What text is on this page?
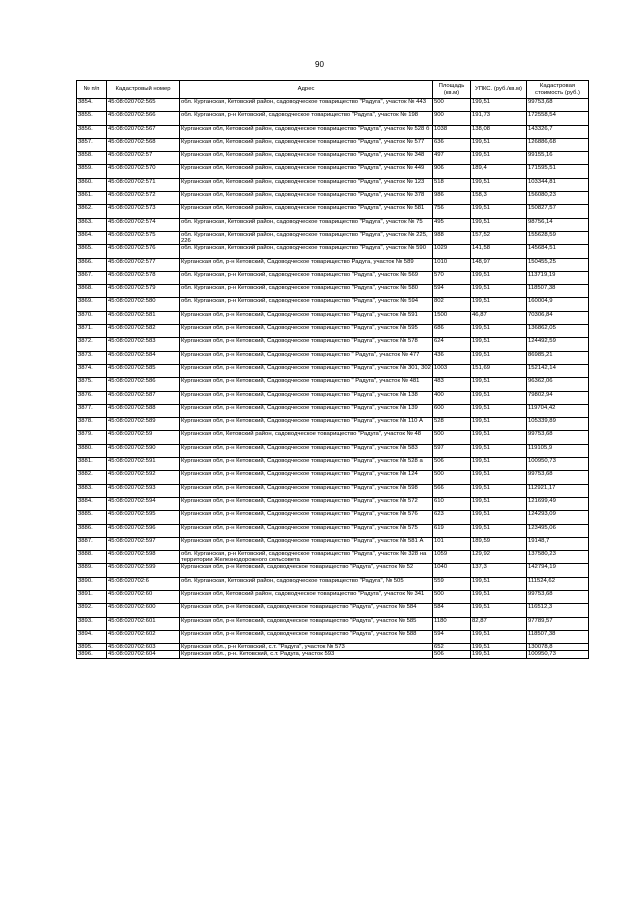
90
№ п/п	Кадастровый номер	Адрес	Площадь (кв.м)	УПКС. (руб./кв.м)	Кадастровая стоимость (руб.)
3854.	45:08:020702:565	обл. Курганская, Кетовский район, садоводческое товарищество "Радуга", участок № 443	500	199,51	99753,68
3855.	45:08:020702:566	обл. Курганская, р-н Кетовский, садоводческое товарищество "Радуга", участок № 198	900	191,73	172558,54
3856.	45:08:020702:567	Курганская обл, Кетовский район, садоводческое товарищество "Радуга", участок № 528 б	1038	138,08	143326,7
3857.	45:08:020702:568	Курганская обл, Кетовский район, садоводческое товарищество "Радуга", участок № 577	636	199,51	126886,68
3858.	45:08:020702:57	Курганская обл, Кетовский район, садоводческое товарищество "Радуга", участок № 348	497	199,51	99155,16
3859.	45:08:020702:570	Курганская обл, Кетовский район, садоводческое товарищество "Радуга", участок № 449	906	189,4	171595,51
3860.	45:08:020702:571	Курганская обл, Кетовский район, садоводческое товарищество "Радуга", участок № 123	518	199,51	103344,81
3861.	45:08:020702:572	Курганская обл, Кетовский район, садоводческое товарищество "Радуга", участок № 378	986	158,3	156080,23
3862.	45:08:020702:573	Курганская обл, Кетовский район, садоводческое товарищество "Радуга", участок № 581	756	199,51	150827,57
3863.	45:08:020702:574	обл. Курганская, Кетовский район, садоводческое товарищество "Радуга", участок № 75	495	199,51	98756,14
3864.	45:08:020702:575	обл. Курганская, Кетовский район, садоводческое товарищество "Радуга", участок № 225, 226	988	157,52	155628,59
3865.	45:08:020702:576	обл. Курганская, Кетовский район, садоводческое товарищество "Радуга", участок № 590	1029	141,58	145684,51
3866.	45:08:020702:577	Курганская обл, р-н Кетовский, Садоводческое товарищество Радуга, участок № 589	1010	148,97	150455,25
3867.	45:08:020702:578	обл. Курганская, р-н Кетовский, садоводческое товарищество "Радуга", участок № 569	570	199,51	113719,19
3868.	45:08:020702:579	обл. Курганская, р-н Кетовский, садоводческое товарищество "Радуга", участок № 580	594	199,51	118507,38
3869.	45:08:020702:580	обл. Курганская, р-н Кетовский, садоводческое товарищество "Радуга", участок № 594	802	199,51	160004,9
3870.	45:08:020702:581	Курганская обл, р-н Кетовский, Садоводческое товарищество "Радуга", участок № 591	1500	46,87	70306,84
3871.	45:08:020702:582	Курганская обл, р-н Кетовский, Садоводческое товарищество "Радуга", участок № 595	686	199,51	136862,05
3872.	45:08:020702:583	Курганская обл, р-н Кетовский, Садоводческое товарищество "Радуга", участок № 578	624	199,51	124492,59
3873.	45:08:020702:584	Курганская обл, р-н Кетовский, Садоводческое товарищество " Радуга", участок № 477	436	199,51	86985,21
3874.	45:08:020702:585	Курганская обл, р-н Кетовский, Садоводческое товарищество "Радуга", участок № 301, 302	1003	151,69	152142,14
3875.	45:08:020702:586	Курганская обл, р-н Кетовский, Садоводческое товарищество " Радуга", участок № 481	483	199,51	96362,06
3876.	45:08:020702:587	Курганская обл, р-н Кетовский, Садоводческое товарищество "Радуга", участок № 138	400	199,51	79802,94
3877.	45:08:020702:588	Курганская обл, р-н Кетовский, Садоводческое товарищество "Радуга", участок № 139	600	199,51	119704,42
3878.	45:08:020702:589	Курганская обл, р-н Кетовский, Садоводческое товарищество "Радуга", участок № 110 А	528	199,51	105339,89
3879.	45:08:020702:59	Курганская обл, Кетовский район, садоводческое товарищество "Радуга", участок № 48	500	199,51	99753,68
3880.	45:08:020702:590	Курганская обл, р-н Кетовский, Садоводческое товарищество "Радуга", участок № 583	597	199,51	119105,9
3881.	45:08:020702:591	Курганская обл, р-н Кетовский, Садоводческое товарищество "Радуга", участок № 528 а	506	199,51	100950,73
3882.	45:08:020702:592	Курганская обл, р-н Кетовский, Садоводческое товарищество "Радуга", участок № 124	500	199,51	99753,68
3883.	45:08:020702:593	Курганская обл, р-н Кетовский, Садоводческое товарищество "Радуга", участок № 598	566	199,51	112921,17
3884.	45:08:020702:594	Курганская обл, р-н Кетовский, Садоводческое товарищество "Радуга", участок № 572	610	199,51	121699,49
3885.	45:08:020702:595	Курганская обл, р-н Кетовский, Садоводческое товарищество "Радуга", участок № 576	623	199,51	124293,09
3886.	45:08:020702:596	Курганская обл, р-н Кетовский, Садоводческое товарищество "Радуга", участок № 575	619	199,51	123495,06
3887.	45:08:020702:597	Курганская обл, р-н Кетовский, Садоводческое товарищество "Радуга", участок № 581 А	101	189,59	19148,7
3888.	45:08:020702:598	обл. Курганская, р-н Кетовский, садоводческое товарищество "Радуга", участок № 328 на территории Железнодорожного сельсовета	1059	129,92	137580,23
3889.	45:08:020702:599	Курганская обл, р-н Кетовский, садоводческое товарищество "Радуга", участок № 52	1040	137,3	142794,19
3890.	45:08:020702:6	обл. Курганская, Кетовский район, садоводческое товарищество "Радуга", № 505	559	199,51	111524,62
3891.	45:08:020702:60	Курганская обл, Кетовский район, садоводческое товарищество "Радуга", участок № 341	500	199,51	99753,68
3892.	45:08:020702:600	Курганская обл, р-н Кетовский, садоводческое товарищество "Радуга", участок № 584	584	199,51	116512,3
3893.	45:08:020702:601	Курганская обл, р-н Кетовский, садоводческое товарищество "Радуга", участок № 585	1180	82,87	97789,57
3894.	45:08:020702:602	Курганская обл, р-н Кетовский, садоводческое товарищество "Радуга", участок № 588	594	199,51	118507,38
3895.	45:08:020702:603	Курганская обл., р-н Кетовский, с.т. "Радуга", участок № 573	652	199,51	130078,8
3896.	45:08:020702:604	Курганская обл., р-н. Кетовский, с.т. Радуга, участок 593	506	199,51	100950,73
